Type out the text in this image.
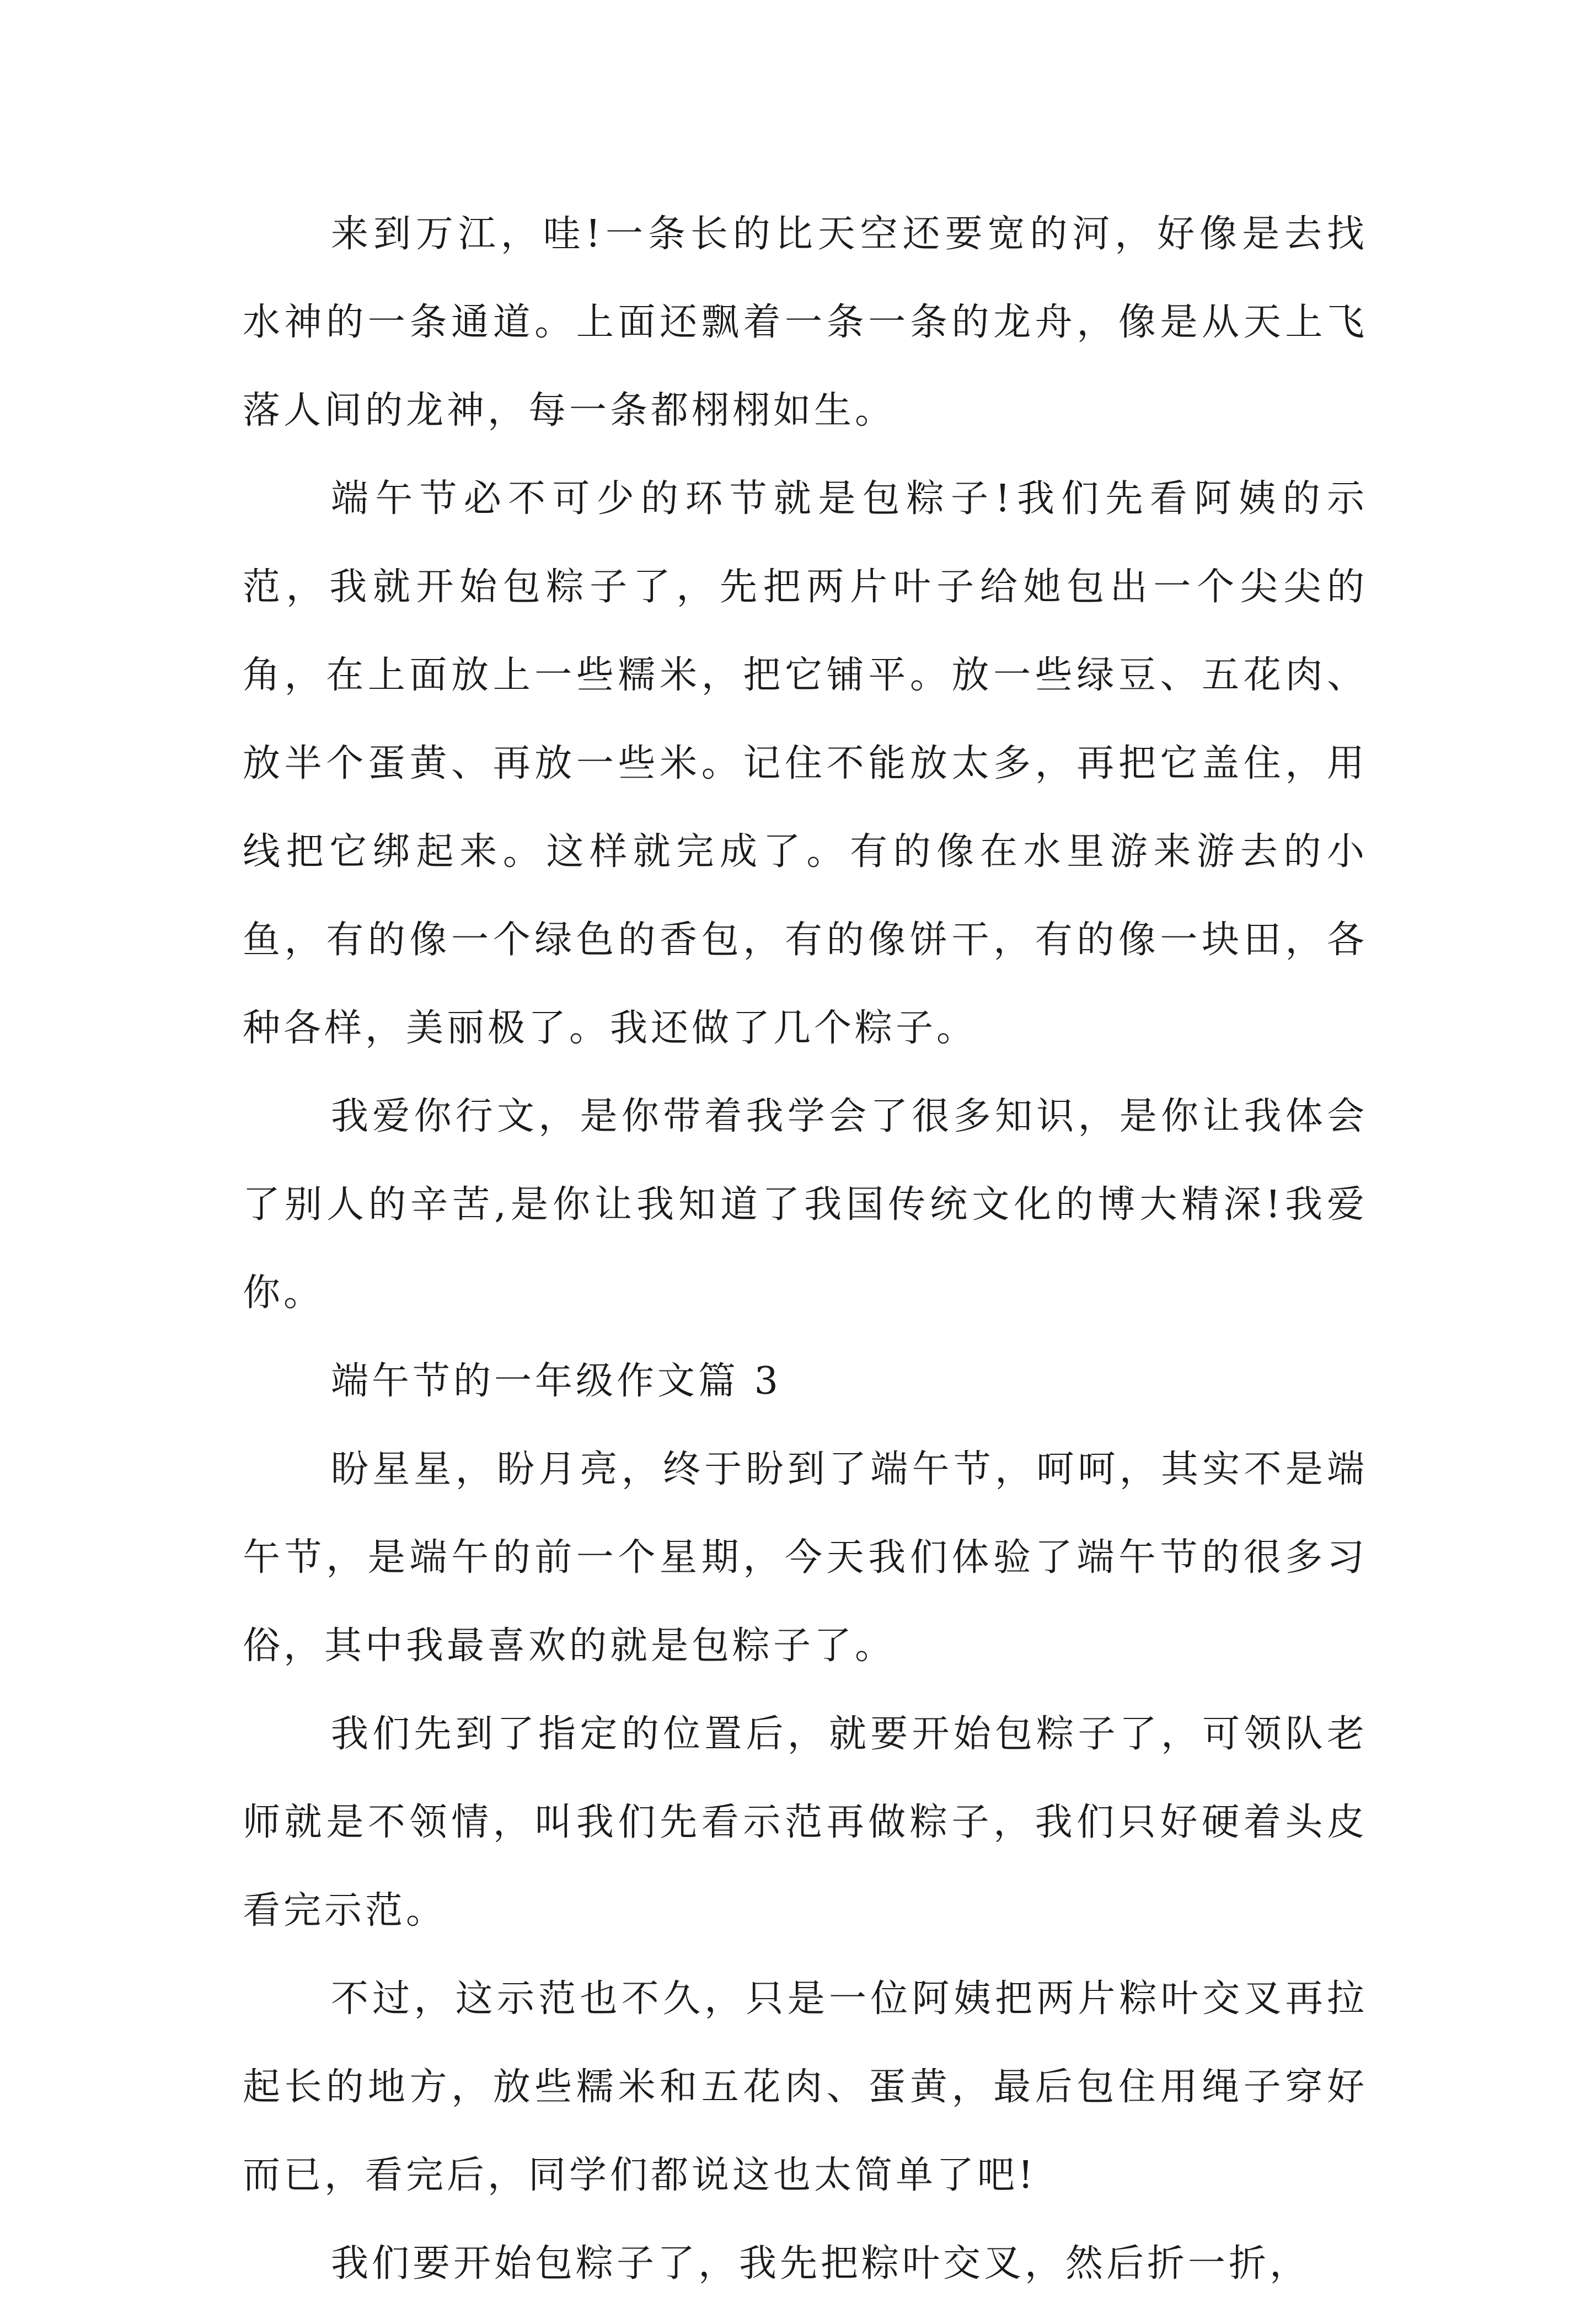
来到万江，哇!一条长的比天空还要宽的河，好像是去找水神的一条通道。上面还飘着一条一条的龙舟，像是从天上飞落人间的龙神，每一条都栩栩如生。

端午节必不可少的环节就是包粽子!我们先看阿姨的示范，我就开始包粽子了，先把两片叶子给她包出一个尖尖的角，在上面放上一些糯米，把它铺平。放一些绿豆、五花肉、放半个蛋黄、再放一些米。记住不能放太多，再把它盖住，用线把它绑起来。这样就完成了。有的像在水里游来游去的小鱼，有的像一个绿色的香包，有的像饼干，有的像一块田，各种各样，美丽极了。我还做了几个粽子。

我爱你行文，是你带着我学会了很多知识，是你让我体会了别人的辛苦,是你让我知道了我国传统文化的博大精深!我爱你。

端午节的一年级作文篇 3

盼星星，盼月亮，终于盼到了端午节，呵呵，其实不是端午节，是端午的前一个星期，今天我们体验了端午节的很多习俗，其中我最喜欢的就是包粽子了。

我们先到了指定的位置后，就要开始包粽子了，可领队老师就是不领情，叫我们先看示范再做粽子，我们只好硬着头皮看完示范。

不过，这示范也不久，只是一位阿姨把两片粽叶交叉再拉起长的地方，放些糯米和五花肉、蛋黄，最后包住用绳子穿好而已，看完后，同学们都说这也太简单了吧!

我们要开始包粽子了，我先把粽叶交叉，然后折一折，
